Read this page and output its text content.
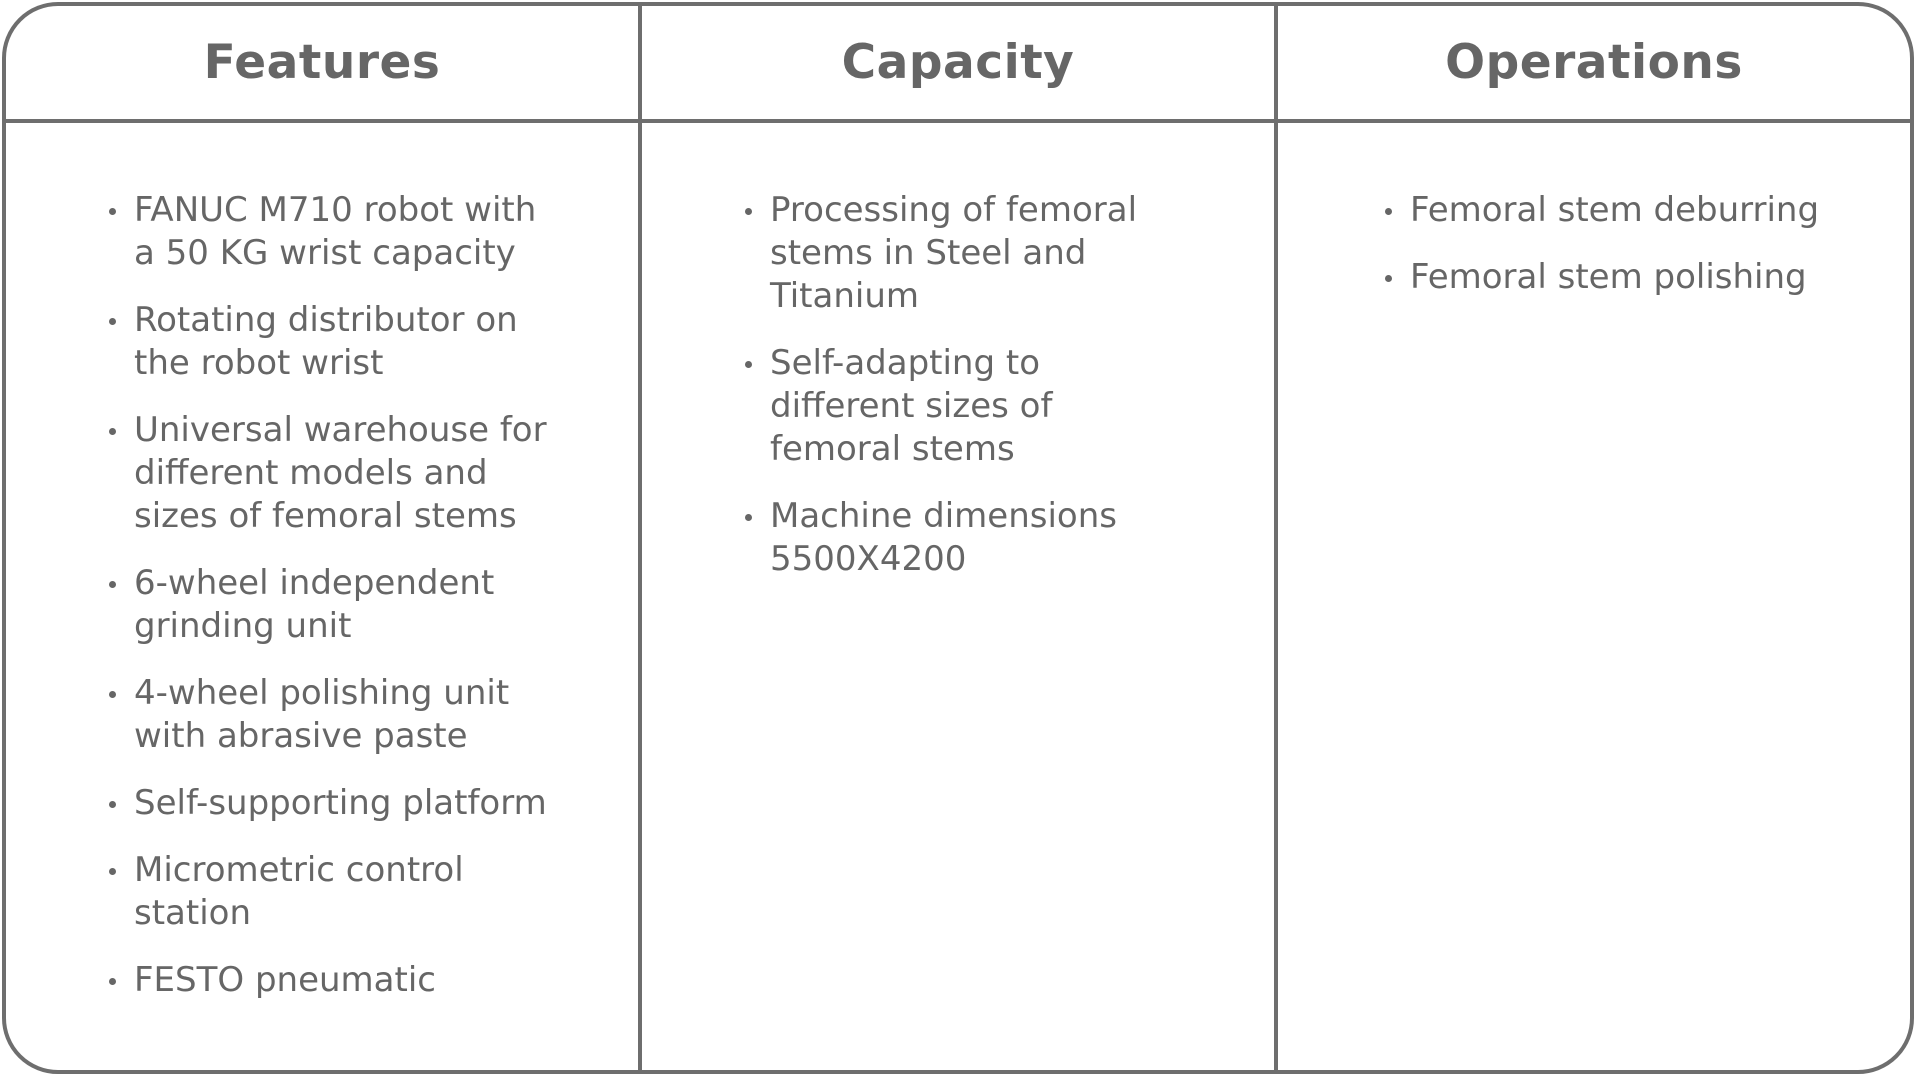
Features
FANUC M710 robot with a 50 KG wrist capacity
Rotating distributor on the robot wrist
Universal warehouse for different models and sizes of femoral stems
6-wheel independent grinding unit
4-wheel polishing unit with abrasive paste
Self-supporting platform
Micrometric control station
FESTO pneumatic
Capacity
Processing of femoral stems in Steel and Titanium
Self-adapting to different sizes of femoral stems
Machine dimensions 5500X4200
Operations
Femoral stem deburring
Femoral stem polishing
